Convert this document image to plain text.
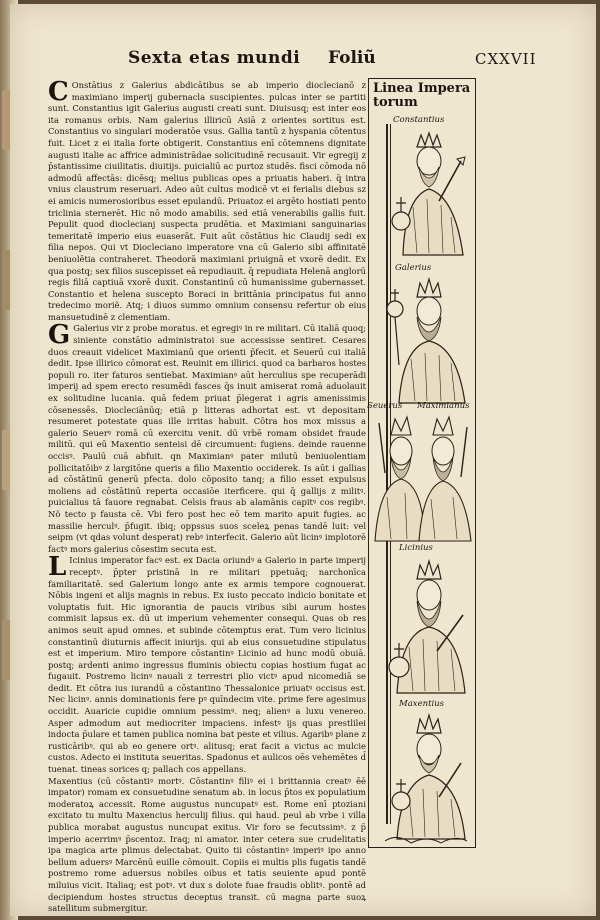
Sexta etas mundi Foliũ	CXXVII

C Onstātius z Galerius abdicātibus se ab imperio dioclecianō z maximiano imperij gubernacla suscipientes. pulcas inter se partiti sunt. Constantius igit Galerius augusti creati sunt. Diuisusq; est inter eos ita romanus orbis. Nam galerius illiricū Asiā z orientes sortitus est. Constantius vo singulari moderatōe vsus. Gallia tantū z hyspania cōtentus fuit. Licet z ei italia forte obtigerit. Constantius enī cōtemnens dignitate augusti italie ac affrice administrādae solicitudinē recusauit. Vir egregij z p̄stantissime ciuilitatis. diuitijs. puicialiū ac purtoz studēs. fisci cōmoda nō admodū affectās: dicēsq; melius publicas opes a priuatis haberi. q̄ intra vnius claustrum reseruari. Adeo aūt cultus modicē vt ei ferialis diebus sz ei amicis numerosioribus esset epulandū. Priuatoz ei argēto hostiati pento triclinia sternerēt. Hic nō modo amabilis. sed etiā venerabilis gallis fuit. Pepulit quod dioclecianj suspecta prudētia. et Maximiani sanguinarias temeritatē imperio eius euaserāt. Fuit aūt cōstātius hic Claudij sedi ex filia nepos. Qui vt Diocleciano imperatore vna cū Galerio sibi affinitatē beniuolētia contraheret. Theodorā maximiani priuignā et vxorē dedit. Ex qua postq; sex filios suscepisset eā repudiauit. q̄ repudiata Helenā anglorū regis filiā captiuā vxorē duxit. Constantinū cū humanissime gubernasset. Constantio et helena suscepto Boraci in brittānia principatus fui anno tredecimo moriẽ. Atq; i diuos summo omnium consensu refertur ob eius mansuetudinē z clementiam.

G Galerius vir z probe moratus. et egregiꝰ in re militari. Cū italiā quoq; siniente constātio administratoi sue accessisse sentiret. Cesares duos creauit videlicet Maximianū que orienti p̄fecit. et Seuerū cui italiā dedit. Ipse illirico cōmorat est. Reuinit em illirici. quod ca barbaros hostes populi ro. iter faturos sentiebat. Maximianꝰ aūt herculius spe recuperādi imperij ad spem erecto resumēdi fasces q̄s inuit amiserat romā aduolauit ex solitudine lucania. quā fedem priuat p̄legerat i agris amenissimis cōsenessēs. Diocleciānūq; etiā p litteras adhortat est. vt depositam resumeret potestate quas ille irritas habuit. Cōtra hos mox missus a galerio Seuerꝰ romā cū exercitu venit. dū vrbē romam obsidet fraude militū. qui eū Maxentio senteisi dē circumuent: fugiens. deinde rauenne occisꝰ. Paulū cuā abfuit. qn Maximianꝰ pater milutū beniuolentiam pollicitatōibꝰ z largitōne queris a filio Maxentio occiderek. Is aūt i gallias ad cōstātinū generū pfecta. dolo cōposito tanq; a filio esset expulsus moliens ad cōstātinū reperta occasiōe iterficere. qui q̄ gallijs z militꝰ. puicialius tā fauore regnabat. Celsis fraus ab alamānis capitꝰ cos regibꝰ. Nõ tecto p fausta cē. Vbi fero post hec eō tem marito apuit fugies. ac massilie herculꝰ. p̄fugit. ibiq; oppssus suos sceleꝝ penas tandē luit: vel seipm (vt qdas volunt desperat) rebꝰ interfecit. Galerio aūt licinꝰ implotorē factꝰ mors galerius cōsestim secuta est.

L Icinius imperator facꝰ est. ex Dacia oriundꝰ a Galerio in parte imperij receptꝰ. p̄pter pristinā in re militari ppetuāq; narchonīca familiaritatē. sed Galerium longo ante ex armis tempore cognouerat. Nōbis ingeni et alijs magnis in rebus. Ex iusto peccato indicio bonitate et voluptatis fuit. Hic ignorantia de paucis viribus sibi aurum hostes commisit lapsus ex. dū ut imperium vehementer consequi. Quas ob res animos seuit apud omnes. et subinde cōtemptus erat. Tum vero licinius constantinū diuturnis affecit iniurijs. qui ab eius consuetudine stipulatus est et imperium. Miro tempore cōstantinꝰ Licinio ad hunc modū obuiā. postq; ardenti animo ingressus fluminis obiectu copias hostium fugat ac fugauit. Postremo licinꝰ nauali z terrestri plio victꝰ apud nicomediā se dedit. Et cōtra ius iurandū a cōstantino Thessalonice priuatꝰ occisus est. Nec licinꝰ. annis dominationis fere pꝰ quīndecim vite. prime fere agesimus occidit. Auaricie cupidie omnium pessimꝰ. neq; alienꝰ a luxu venereo. Asper admodum aut mediocriter impaciens. infestꝰ ijs quas prestlilei indocta p̄ulare et tamen publica nomina bat peste et vilius. Agaribꝰ plane z rusticāribꝰ. qui ab eo genere ortꝰ. alitusq; erat facit a victus ac mulcie custos. Adecto ei instituta seueritas. Spadonus et aulicos oēs vehemētes d̄ tuenat. tineas sorices q; pallach cos appellans.

Maxentius (cū cōstantiꝰ mortꝰ. Cōstantinꝰ filiꝰ ei i brittannia creatꝰ ēē impator) romam ex consuetudine senatum ab. in locus p̄tos ex populatium moderatoꝝ accessit. Rome augustus nuncupatꝰ est. Rome enī ptoziani excitato tu multu Maxencius herculij filius. qui haud. peul ab vrbe i villa publica morabat augustus nuncupat exitus. Vir foro se fecutssimꝰ. z p̄ imperio acerrimꝰ p̄scentoz. Iraq; ni amator. inter cetera sue crudelitatis ipa magica arte plimus delectabat. Quito tii cōstantinꝰ imperiꝰ ipo anno bellum aduersꝰ Marcēnū euille cōmouit. Copiis ei multis plis fugatis tandē postremo rome aduersus nobiles oibus et tatis seuiente apud pontē miluius vicit. Italiaq; est potꝰ. vt dux s dolote fuae fraudis oblitꝰ. pontē ad decipiendum hostes structus deceptus transit. cū magna parte suoꝝ satellitum submergitur.

Linea Impera
torum
Constantius
Galerius
Seuerus Maximianus
Licinius
Maxentius
